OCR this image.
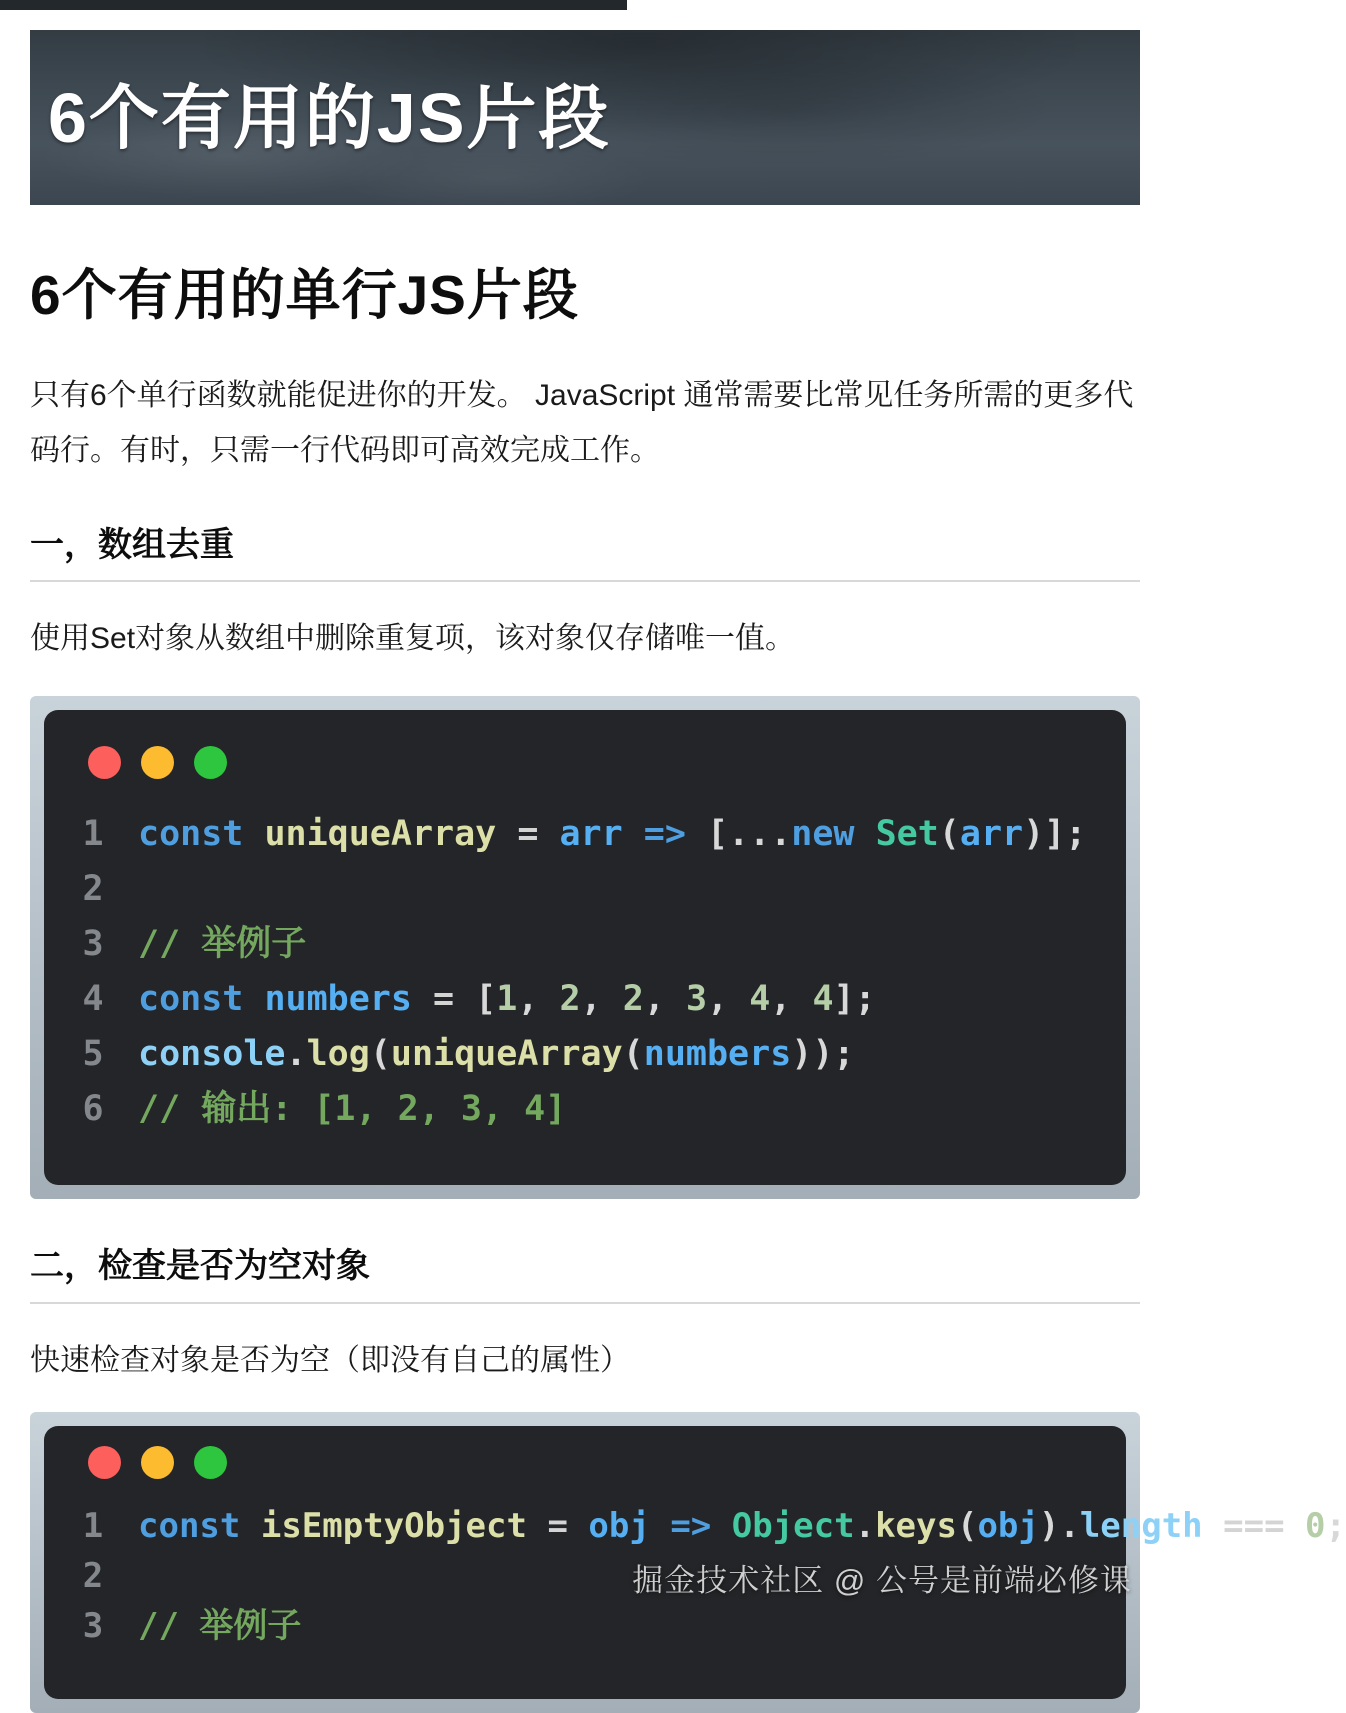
6个有用的JS片段
6个有用的单行JS片段

只有6个单行函数就能促进你的开发。 JavaScript 通常需要比常见任务所需的更多代码行。有时，只需一行代码即可高效完成工作。

一，数组去重

使用Set对象从数组中删除重复项，该对象仅存储唯一值。

1 const uniqueArray = arr => [...new Set(arr)];
2
3 // 举例子
4 const numbers = [1, 2, 2, 3, 4, 4];
5 console.log(uniqueArray(numbers));
6 // 输出: [1, 2, 3, 4]
二，检查是否为空对象

快速检查对象是否为空（即没有自己的属性）

1 const isEmptyObject = obj => Object.keys(obj).length === 0;
2
3 // 举例子
掘金技术社区 @ 公号是前端必修课
